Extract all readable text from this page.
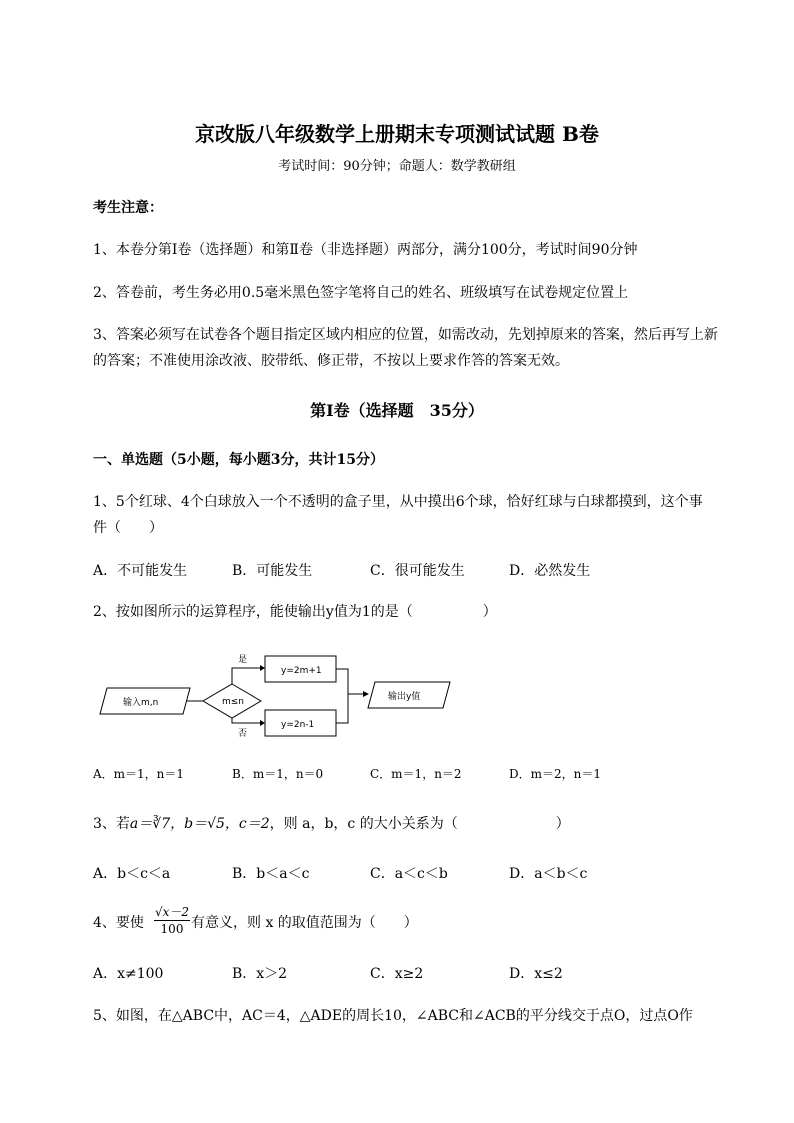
京改版八年级数学上册期末专项测试试题 B卷
考试时间：90分钟；命题人：数学教研组
考生注意：
1、本卷分第I卷（选择题）和第Ⅱ卷（非选择题）两部分，满分100分，考试时间90分钟
2、答卷前，考生务必用0.5毫米黑色签字笔将自己的姓名、班级填写在试卷规定位置上
3、答案必须写在试卷各个题目指定区域内相应的位置，如需改动，先划掉原来的答案，然后再写上新
的答案；不准使用涂改液、胶带纸、修正带，不按以上要求作答的答案无效。
第I卷（选择题　35分）
一、单选题（5小题，每小题3分，共计15分）
1、5个红球、4个白球放入一个不透明的盒子里，从中摸出6个球，恰好红球与白球都摸到，这个事
件（　　）
A．不可能发生	B．可能发生	C．很可能发生	D．必然发生
2、按如图所示的运算程序，能使输出y值为1的是（　　　　　）
输入m,n	m≤n
是
否
y=2m+1
y=2n-1
输出y值
A．m＝1，n＝1	B．m＝1，n＝0	C．m＝1，n＝2	D．m＝2，n＝1
3、若a＝∛7，b＝√5，c＝2，则 a，b，c 的大小关系为（　　　　　　　）
A．b＜c＜a	B．b＜a＜c	C．a＜c＜b	D．a＜b＜c
4、要使 $\frac{√x-2}{100}$ 有意义，则 x 的取值范围为（　　）
A．x≠100	B．x＞2	C．x≥2	D．x≤2
5、如图，在△ABC中，AC＝4，△ADE的周长10，∠ABC和∠ACB的平分线交于点O，过点O作
